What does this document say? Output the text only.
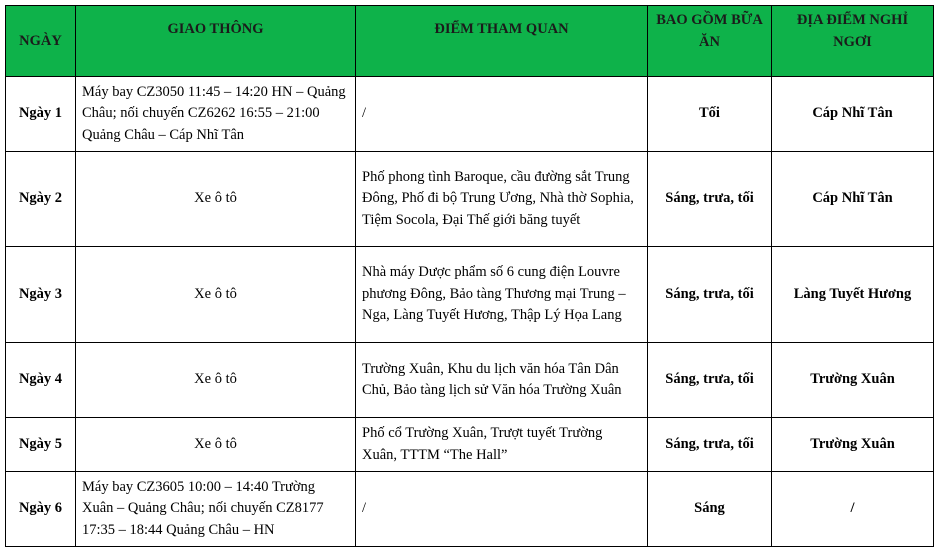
NGÀY	GIAO THÔNG	ĐIỂM THAM QUAN	BAO GỒM BỮA ĂN	ĐỊA ĐIỂM NGHỈ NGƠI
Ngày 1	Máy bay CZ3050 11:45 – 14:20 HN – Quảng Châu; nối chuyến CZ6262 16:55 – 21:00 Quảng Châu – Cáp Nhĩ Tân	/	Tối	Cáp Nhĩ Tân
Ngày 2	Xe ô tô	Phố phong tình Baroque, cầu đường sắt Trung Đông, Phố đi bộ Trung Ương, Nhà thờ Sophia, Tiệm Socola, Đại Thế giới băng tuyết	Sáng, trưa, tối	Cáp Nhĩ Tân
Ngày 3	Xe ô tô	Nhà máy Dược phẩm số 6 cung điện Louvre phương Đông, Bảo tàng Thương mại Trung – Nga, Làng Tuyết Hương, Thập Lý Họa Lang	Sáng, trưa, tối	Làng Tuyết Hương
Ngày 4	Xe ô tô	Trường Xuân, Khu du lịch văn hóa Tân Dân Chủ, Bảo tàng lịch sử Văn hóa Trường Xuân	Sáng, trưa, tối	Trường Xuân
Ngày 5	Xe ô tô	Phố cổ Trường Xuân, Trượt tuyết Trường Xuân, TTTM “The Hall”	Sáng, trưa, tối	Trường Xuân
Ngày 6	Máy bay CZ3605 10:00 – 14:40 Trường Xuân – Quảng Châu; nối chuyến CZ8177 17:35 – 18:44 Quảng Châu – HN	/	Sáng	/
